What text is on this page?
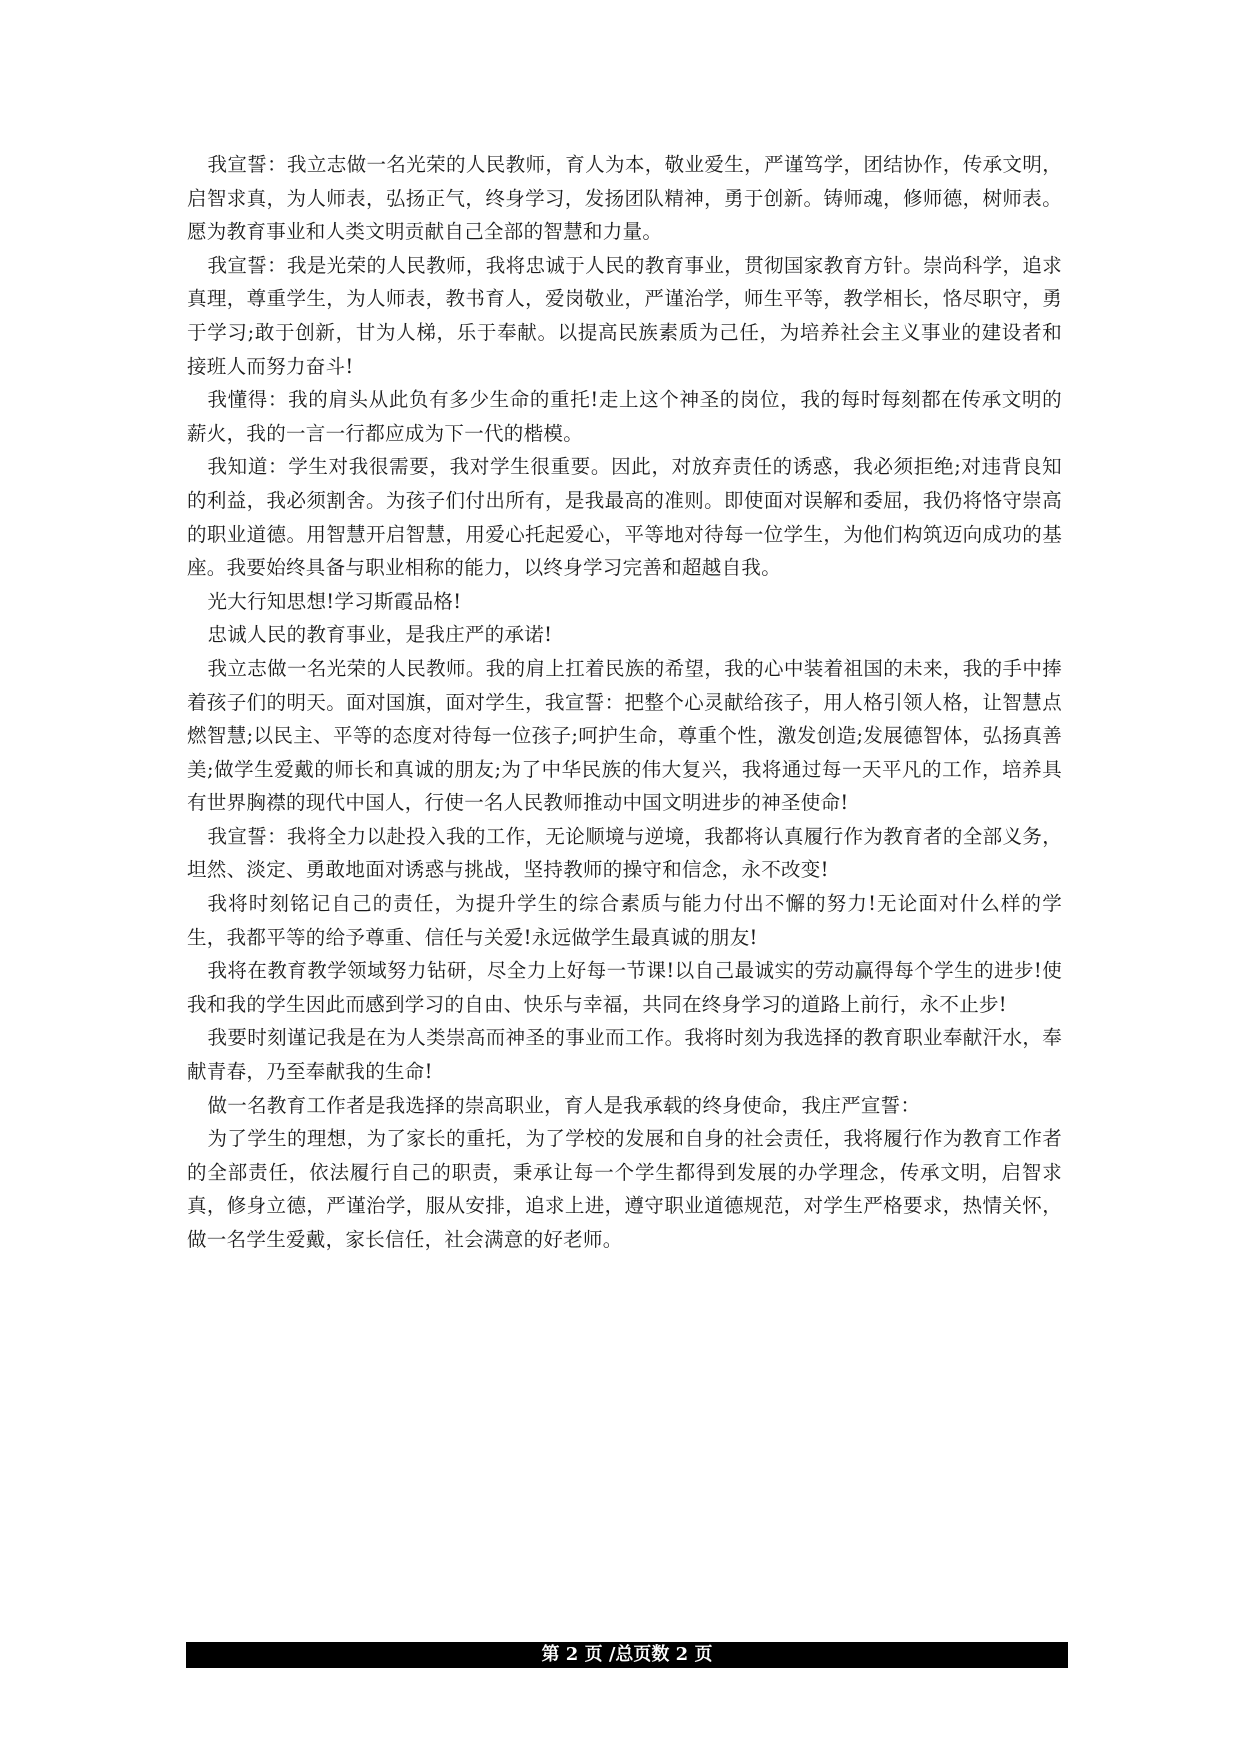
我宣誓：我立志做一名光荣的人民教师，育人为本，敬业爱生，严谨笃学，团结协作，传承文明，启智求真，为人师表，弘扬正气，终身学习，发扬团队精神，勇于创新。铸师魂，修师德，树师表。愿为教育事业和人类文明贡献自己全部的智慧和力量。

我宣誓：我是光荣的人民教师，我将忠诚于人民的教育事业，贯彻国家教育方针。崇尚科学，追求真理，尊重学生，为人师表，教书育人，爱岗敬业，严谨治学，师生平等，教学相长，恪尽职守，勇于学习;敢于创新，甘为人梯，乐于奉献。以提高民族素质为己任，为培养社会主义事业的建设者和接班人而努力奋斗!

我懂得：我的肩头从此负有多少生命的重托!走上这个神圣的岗位，我的每时每刻都在传承文明的薪火，我的一言一行都应成为下一代的楷模。

我知道：学生对我很需要，我对学生很重要。因此，对放弃责任的诱惑，我必须拒绝;对违背良知的利益，我必须割舍。为孩子们付出所有，是我最高的准则。即使面对误解和委屈，我仍将恪守崇高的职业道德。用智慧开启智慧，用爱心托起爱心，平等地对待每一位学生，为他们构筑迈向成功的基座。我要始终具备与职业相称的能力，以终身学习完善和超越自我。

光大行知思想!学习斯霞品格!

忠诚人民的教育事业，是我庄严的承诺!

我立志做一名光荣的人民教师。我的肩上扛着民族的希望，我的心中装着祖国的未来，我的手中捧着孩子们的明天。面对国旗，面对学生，我宣誓：把整个心灵献给孩子，用人格引领人格，让智慧点燃智慧;以民主、平等的态度对待每一位孩子;呵护生命，尊重个性，激发创造;发展德智体，弘扬真善美;做学生爱戴的师长和真诚的朋友;为了中华民族的伟大复兴，我将通过每一天平凡的工作，培养具有世界胸襟的现代中国人，行使一名人民教师推动中国文明进步的神圣使命!

我宣誓：我将全力以赴投入我的工作，无论顺境与逆境，我都将认真履行作为教育者的全部义务，坦然、淡定、勇敢地面对诱惑与挑战，坚持教师的操守和信念，永不改变!

我将时刻铭记自己的责任，为提升学生的综合素质与能力付出不懈的努力!无论面对什么样的学生，我都平等的给予尊重、信任与关爱!永远做学生最真诚的朋友!

我将在教育教学领域努力钻研，尽全力上好每一节课!以自己最诚实的劳动赢得每个学生的进步!使我和我的学生因此而感到学习的自由、快乐与幸福，共同在终身学习的道路上前行，永不止步!

我要时刻谨记我是在为人类崇高而神圣的事业而工作。我将时刻为我选择的教育职业奉献汗水，奉献青春，乃至奉献我的生命!

做一名教育工作者是我选择的崇高职业，育人是我承载的终身使命，我庄严宣誓：

为了学生的理想，为了家长的重托，为了学校的发展和自身的社会责任，我将履行作为教育工作者的全部责任，依法履行自己的职责，秉承让每一个学生都得到发展的办学理念，传承文明，启智求真，修身立德，严谨治学，服从安排，追求上进，遵守职业道德规范，对学生严格要求，热情关怀，做一名学生爱戴，家长信任，社会满意的好老师。

第 2 页 /总页数 2 页
